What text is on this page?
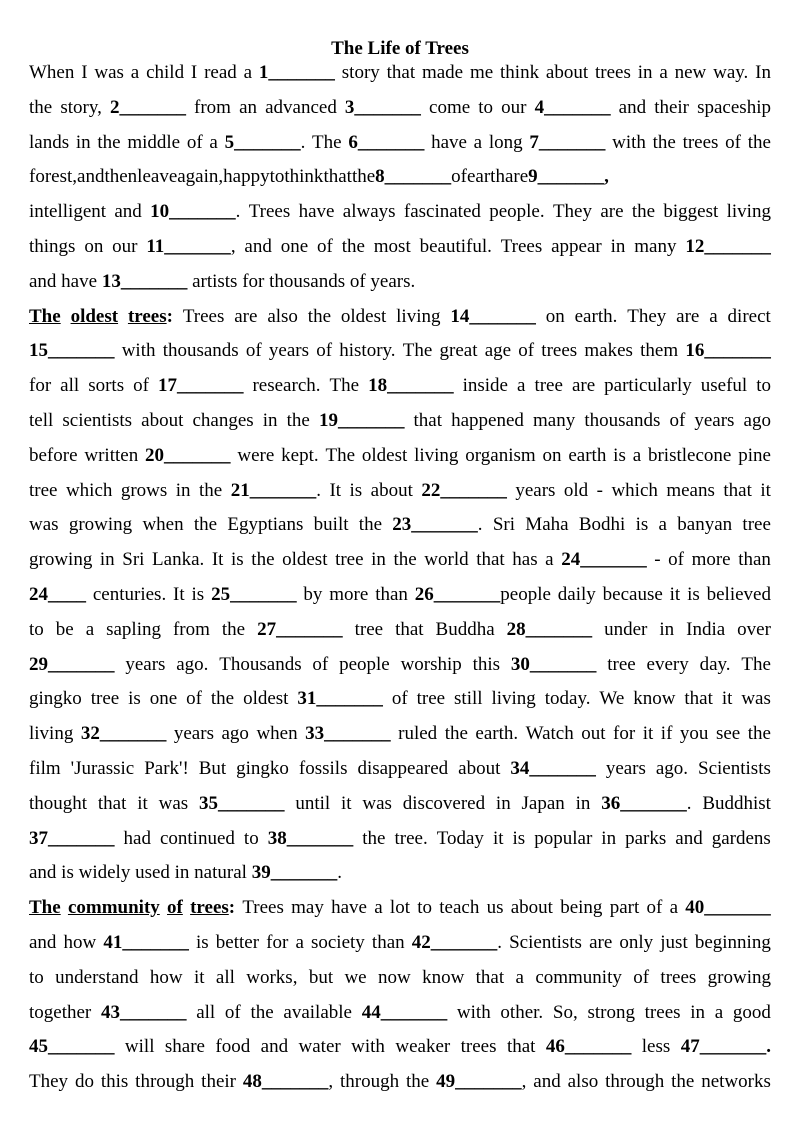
The Life of Trees
When I was a child I read a 1_______ story that made me think about trees in a new way. In
the story, 2_______ from an advanced 3_______ come to our 4_______ and their spaceship
lands in the middle of a 5_______. The 6_______ have a long 7_______ with the trees of the
forest,andthenleaveagain,happytothinkthatthe8_______ofearthare9_______,
intelligent and 10_______. Trees have always fascinated people. They are the biggest living
things on our 11_______, and one of the most beautiful. Trees appear in many 12_______
and have 13_______ artists for thousands of years.
The oldest trees: Trees are also the oldest living 14_______ on earth. They are a direct
15_______ with thousands of years of history. The great age of trees makes them 16_______
for all sorts of 17_______ research. The 18_______ inside a tree are particularly useful to
tell scientists about changes in the 19_______ that happened many thousands of years ago
before written 20_______ were kept. The oldest living organism on earth is a bristlecone pine
tree which grows in the 21_______. It is about 22_______ years old - which means that it
was growing when the Egyptians built the 23_______. Sri Maha Bodhi is a banyan tree
growing in Sri Lanka. It is the oldest tree in the world that has a 24_______ - of more than
24____ centuries. It is 25_______ by more than 26_______people daily because it is believed
to be a sapling from the 27_______ tree that Buddha 28_______ under in India over
29_______ years ago. Thousands of people worship this 30_______ tree every day. The
gingko tree is one of the oldest 31_______ of tree still living today. We know that it was
living 32_______ years ago when 33_______ ruled the earth. Watch out for it if you see the
film 'Jurassic Park'! But gingko fossils disappeared about 34_______ years ago. Scientists
thought that it was 35_______ until it was discovered in Japan in 36_______. Buddhist
37_______ had continued to 38_______ the tree. Today it is popular in parks and gardens
and is widely used in natural 39_______ .
The community of trees: Trees may have a lot to teach us about being part of a 40_______
and how 41_______ is better for a society than 42_______. Scientists are only just beginning
to understand how it all works, but we now know that a community of trees growing
together 43_______ all of the available 44_______ with other. So, strong trees in a good
45_______ will share food and water with weaker trees that 46_______ less 47_______.
They do this through their 48_______, through the 49_______, and also through the networks
